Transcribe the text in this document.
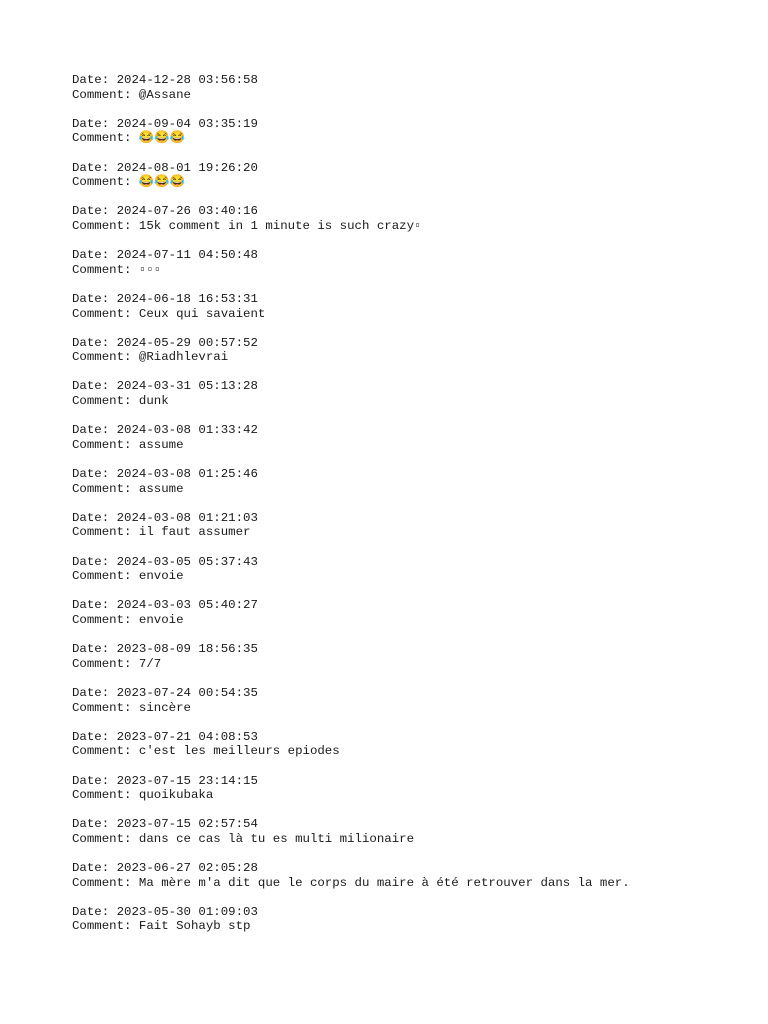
Date: 2024-12-28 03:56:58
Comment: @Assane
Date: 2024-09-04 03:35:19
Comment: 😂😂😂
Date: 2024-08-01 19:26:20
Comment: 😂😂😂
Date: 2024-07-26 03:40:16
Comment: 15k comment in 1 minute is such crazy▫
Date: 2024-07-11 04:50:48
Comment: ▫▫▫
Date: 2024-06-18 16:53:31
Comment: Ceux qui savaient
Date: 2024-05-29 00:57:52
Comment: @Riadhlevrai
Date: 2024-03-31 05:13:28
Comment: dunk
Date: 2024-03-08 01:33:42
Comment: assume
Date: 2024-03-08 01:25:46
Comment: assume
Date: 2024-03-08 01:21:03
Comment: il faut assumer
Date: 2024-03-05 05:37:43
Comment: envoie
Date: 2024-03-03 05:40:27
Comment: envoie
Date: 2023-08-09 18:56:35
Comment: 7/7
Date: 2023-07-24 00:54:35
Comment: sincère
Date: 2023-07-21 04:08:53
Comment: c'est les meilleurs epiodes
Date: 2023-07-15 23:14:15
Comment: quoikubaka
Date: 2023-07-15 02:57:54
Comment: dans ce cas là tu es multi milionaire
Date: 2023-06-27 02:05:28
Comment: Ma mère m'a dit que le corps du maire à été retrouver dans la mer.
Date: 2023-05-30 01:09:03
Comment: Fait Sohayb stp
